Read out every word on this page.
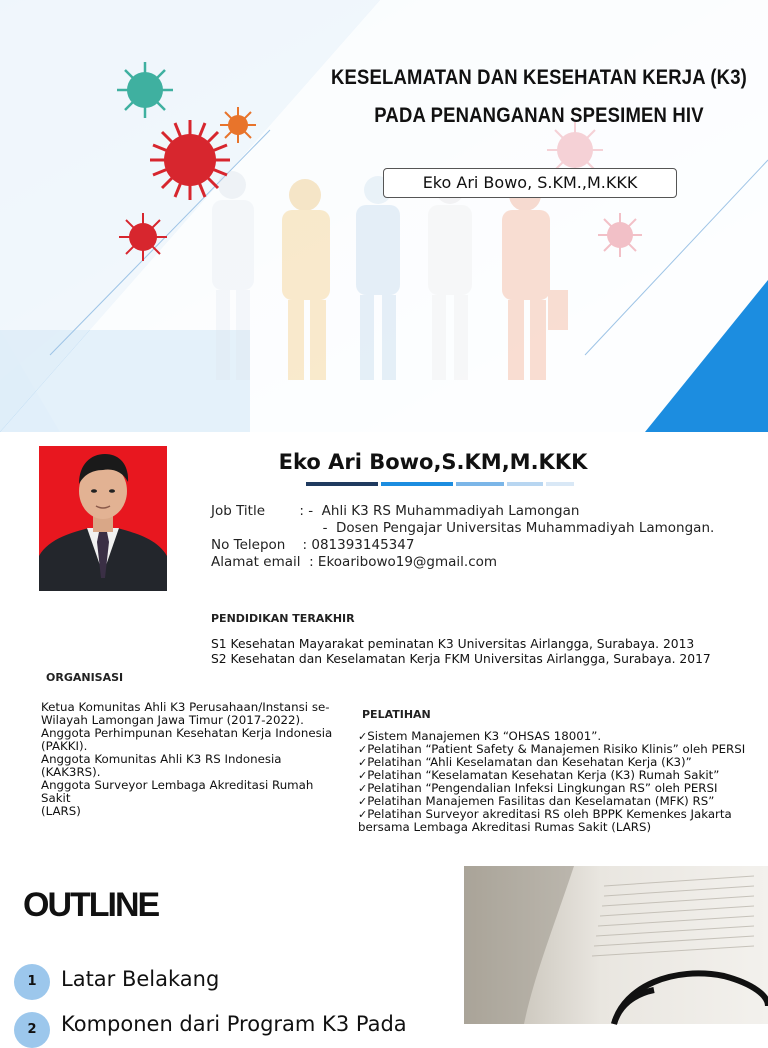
KESELAMATAN DAN KESEHATAN KERJA (K3)
PADA PENANGANAN SPESIMEN HIV
Eko Ari Bowo, S.KM.,M.KKK
Eko Ari Bowo,S.KM,M.KKK
Job Title        : -  Ahli K3 RS Muhammadiyah Lamongan
-  Dosen Pengajar Universitas Muhammadiyah Lamongan.
No Telepon    : 081393145347
Alamat email  : Ekoaribowo19@gmail.com
PENDIDIKAN TERAKHIR
S1 Kesehatan Mayarakat peminatan K3 Universitas Airlangga, Surabaya. 2013
S2 Kesehatan dan Keselamatan Kerja FKM Universitas Airlangga, Surabaya. 2017
ORGANISASI
Ketua Komunitas Ahli K3 Perusahaan/Instansi se-
Wilayah Lamongan Jawa Timur (2017-2022).
Anggota Perhimpunan Kesehatan Kerja Indonesia
(PAKKI).
Anggota Komunitas Ahli K3 RS Indonesia (KAK3RS).
Anggota Surveyor Lembaga Akreditasi Rumah Sakit
(LARS)
PELATIHAN
✓Sistem Manajemen K3 “OHSAS 18001”.
✓Pelatihan “Patient Safety & Manajemen Risiko Klinis” oleh PERSI
✓Pelatihan “Ahli Keselamatan dan Kesehatan Kerja (K3)”
✓Pelatihan “Keselamatan Kesehatan Kerja (K3) Rumah Sakit”
✓Pelatihan “Pengendalian Infeksi Lingkungan RS” oleh PERSI
✓Pelatihan Manajemen Fasilitas dan Keselamatan (MFK) RS”
✓Pelatihan Surveyor akreditasi RS oleh BPPK Kemenkes Jakarta
bersama Lembaga Akreditasi Rumas Sakit (LARS)
OUTLINE
1	Latar Belakang
2	Komponen dari Program K3 Pada
